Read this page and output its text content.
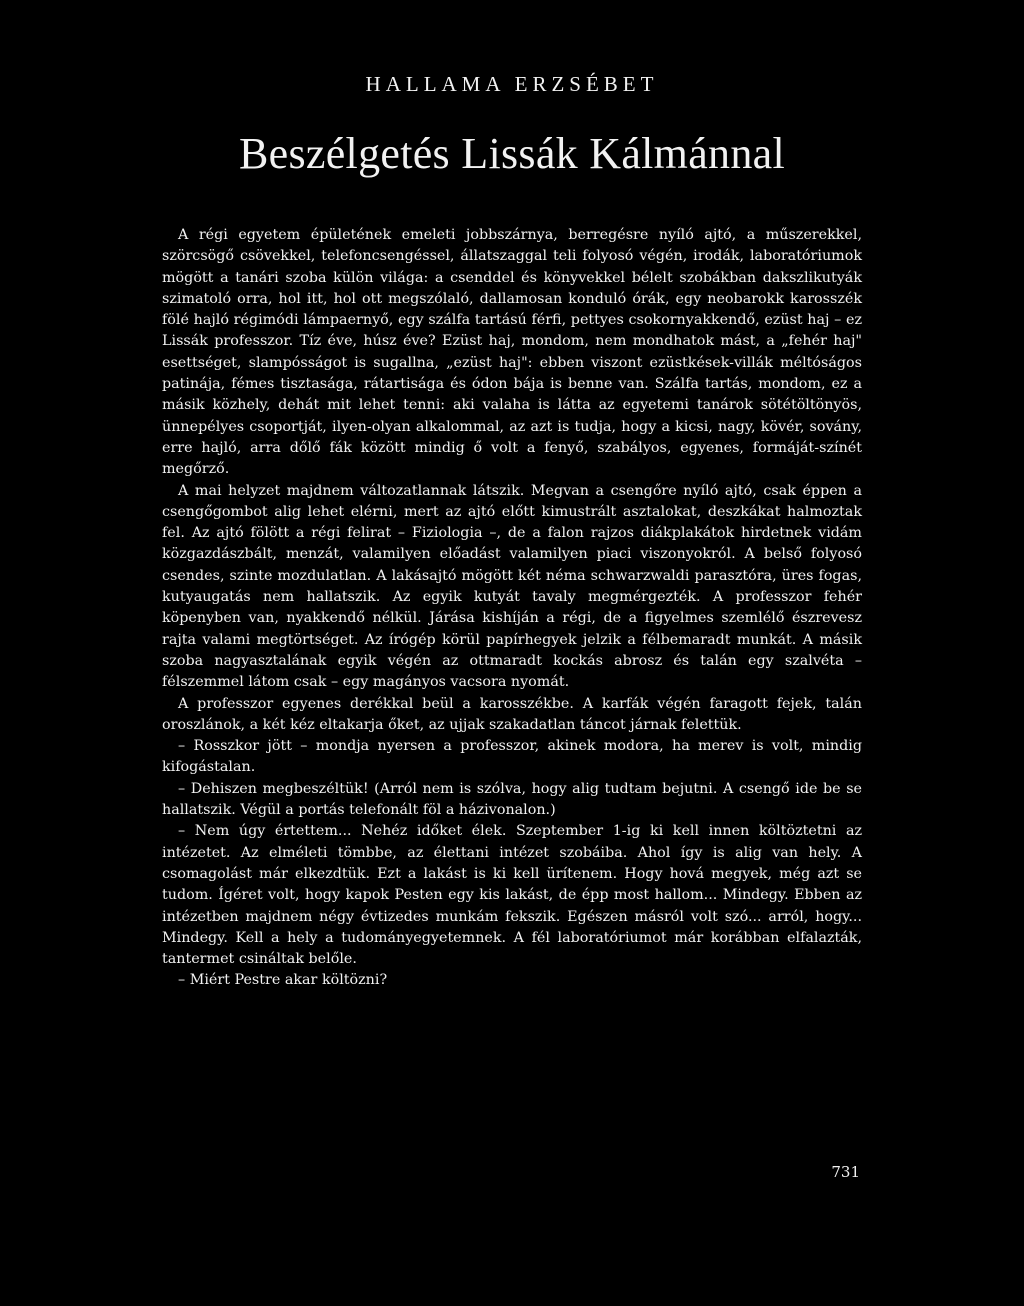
HALLAMA ERZSÉBET

Beszélgetés Lissák Kálmánnal

A régi egyetem épületének emeleti jobbszárnya, berregésre nyíló ajtó, a műszerekkel, szörcsögő csövekkel, telefoncsengéssel, állatszaggal teli folyosó végén, irodák, laboratóriumok mögött a tanári szoba külön világa: a csenddel és könyvekkel bélelt szobákban dakszlikutyák szimatoló orra, hol itt, hol ott megszólaló, dallamosan konduló órák, egy neobarokk karosszék fölé hajló régimódi lámpaernyő, egy szálfa tartású férfi, pettyes csokornyakkendő, ezüst haj – ez Lissák professzor. Tíz éve, húsz éve? Ezüst haj, mondom, nem mondhatok mást, a „fehér haj" esettséget, slampósságot is sugallna, „ezüst haj": ebben viszont ezüstkések-villák méltóságos patinája, fémes tisztasága, rátartisága és ódon bája is benne van. Szálfa tartás, mondom, ez a másik közhely, dehát mit lehet tenni: aki valaha is látta az egyetemi tanárok sötétöltönyös, ünnepélyes csoportját, ilyen-olyan alkalommal, az azt is tudja, hogy a kicsi, nagy, kövér, sovány, erre hajló, arra dőlő fák között mindig ő volt a fenyő, szabályos, egyenes, formáját-színét megőrző.

A mai helyzet majdnem változatlannak látszik. Megvan a csengőre nyíló ajtó, csak éppen a csengőgombot alig lehet elérni, mert az ajtó előtt kimustrált asztalokat, deszkákat halmoztak fel. Az ajtó fölött a régi felirat – Fiziologia –, de a falon rajzos diákplakátok hirdetnek vidám közgazdászbált, menzát, valamilyen előadást valamilyen piaci viszonyokról. A belső folyosó csendes, szinte mozdulatlan. A lakásajtó mögött két néma schwarzwaldi parasztóra, üres fogas, kutyaugatás nem hallatszik. Az egyik kutyát tavaly megmérgezték. A professzor fehér köpenyben van, nyakkendő nélkül. Járása kishíján a régi, de a figyelmes szemlélő észrevesz rajta valami megtörtséget. Az írógép körül papírhegyek jelzik a félbemaradt munkát. A másik szoba nagyasztalának egyik végén az ottmaradt kockás abrosz és talán egy szalvéta – félszemmel látom csak – egy magányos vacsora nyomát.

A professzor egyenes derékkal beül a karosszékbe. A karfák végén faragott fejek, talán oroszlánok, a két kéz eltakarja őket, az ujjak szakadatlan táncot járnak felettük.

– Rosszkor jött – mondja nyersen a professzor, akinek modora, ha merev is volt, mindig kifogástalan.

– Dehiszen megbeszéltük! (Arról nem is szólva, hogy alig tudtam bejutni. A csengő ide be se hallatszik. Végül a portás telefonált föl a házivonalon.)

– Nem úgy értettem... Nehéz időket élek. Szeptember 1-ig ki kell innen költöztetni az intézetet. Az elméleti tömbbe, az élettani intézet szobáiba. Ahol így is alig van hely. A csomagolást már elkezdtük. Ezt a lakást is ki kell ürítenem. Hogy hová megyek, még azt se tudom. Ígéret volt, hogy kapok Pesten egy kis lakást, de épp most hallom... Mindegy. Ebben az intézetben majdnem négy évtizedes munkám fekszik. Egészen másról volt szó... arról, hogy... Mindegy. Kell a hely a tudományegyetemnek. A fél laboratóriumot már korábban elfalazták, tantermet csináltak belőle.

– Miért Pestre akar költözni?

731
